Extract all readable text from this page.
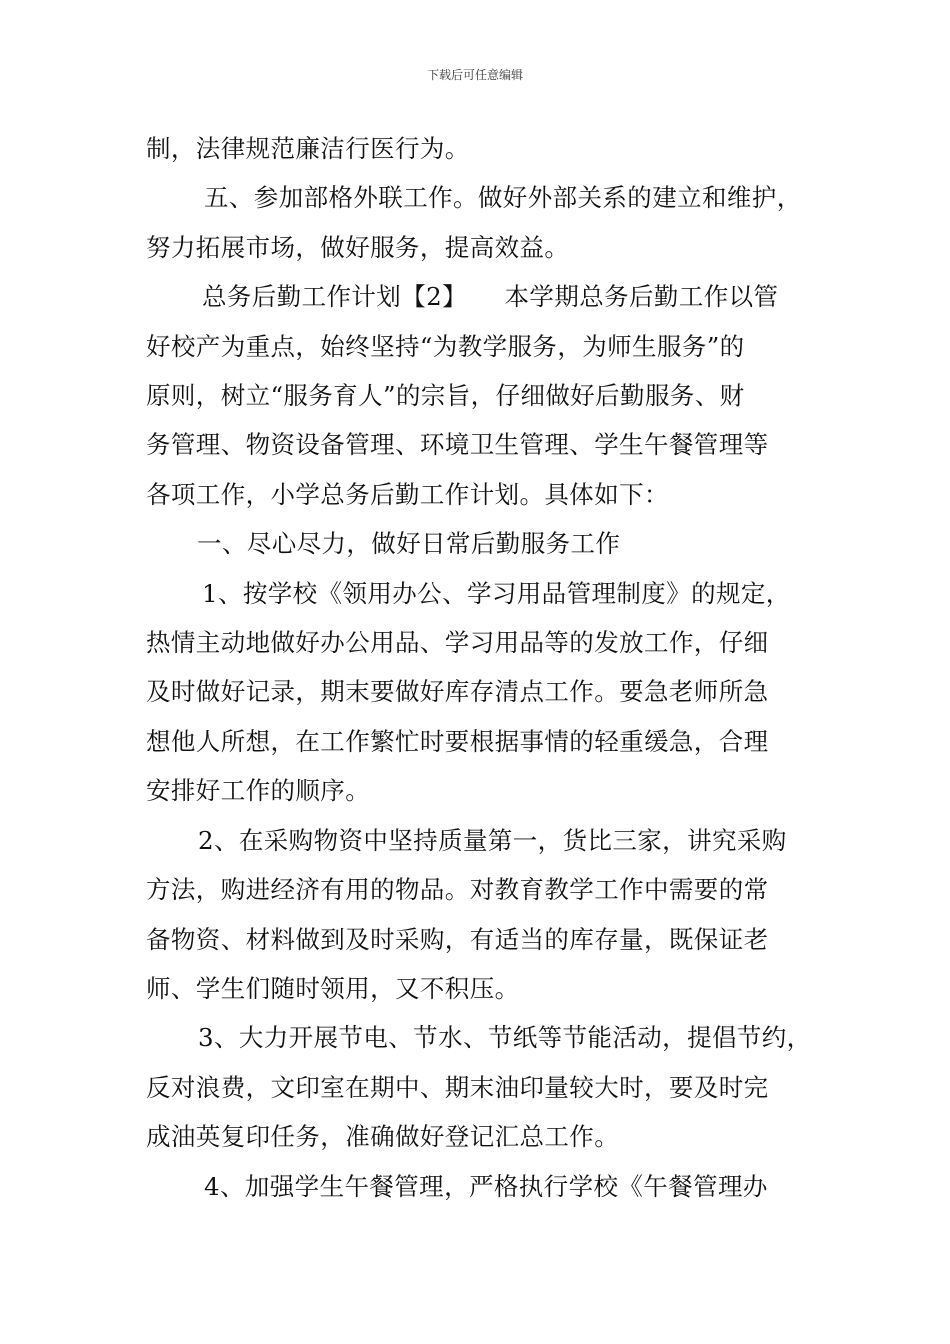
下载后可任意编辑

制，法律规范廉洁行医行为。

五、参加部格外联工作。做好外部关系的建立和维护，

努力拓展市场，做好服务，提高效益。

总务后勤工作计划【2】　　本学期总务后勤工作以管

好校产为重点，始终坚持“为教学服务，为师生服务”的

原则，树立“服务育人”的宗旨，仔细做好后勤服务、财

务管理、物资设备管理、环境卫生管理、学生午餐管理等

各项工作，小学总务后勤工作计划。具体如下：

一、尽心尽力，做好日常后勤服务工作

1、按学校《领用办公、学习用品管理制度》的规定，

热情主动地做好办公用品、学习用品等的发放工作，仔细

及时做好记录，期末要做好库存清点工作。要急老师所急

想他人所想，在工作繁忙时要根据事情的轻重缓急，合理

安排好工作的顺序。

2、在采购物资中坚持质量第一，货比三家，讲究采购

方法，购进经济有用的物品。对教育教学工作中需要的常

备物资、材料做到及时采购，有适当的库存量，既保证老

师、学生们随时领用，又不积压。

3、大力开展节电、节水、节纸等节能活动，提倡节约，

反对浪费，文印室在期中、期末油印量较大时，要及时完

成油英复印任务，准确做好登记汇总工作。

4、加强学生午餐管理，严格执行学校《午餐管理办
